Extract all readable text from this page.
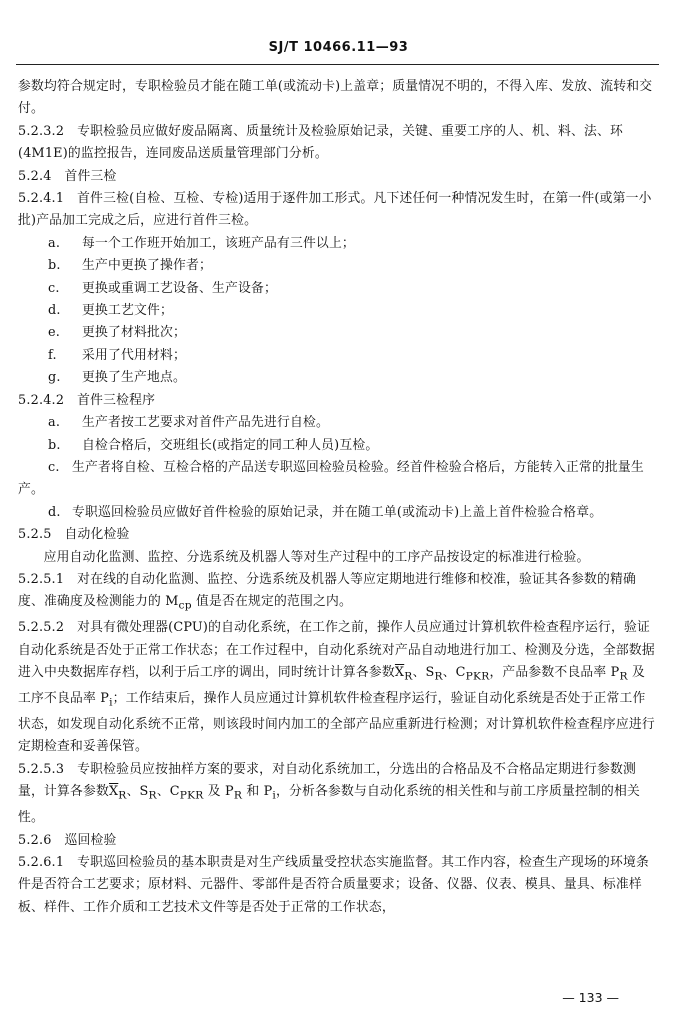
SJ/T 10466.11—93

参数均符合规定时，专职检验员才能在随工单(或流动卡)上盖章；质量情况不明的，不得入库、发放、流转和交付。

5.2.3.2　专职检验员应做好废品隔离、质量统计及检验原始记录，关键、重要工序的人、机、料、法、环(4M1E)的监控报告，连同废品送质量管理部门分析。

5.2.4　首件三检

5.2.4.1　首件三检(自检、互检、专检)适用于逐件加工形式。凡下述任何一种情况发生时，在第一件(或第一小批)产品加工完成之后，应进行首件三检。

a. 每一个工作班开始加工，该班产品有三件以上；

b. 生产中更换了操作者；

c. 更换或重调工艺设备、生产设备；

d. 更换工艺文件；

e. 更换了材料批次；

f. 采用了代用材料；

g. 更换了生产地点。

5.2.4.2　首件三检程序

a. 生产者按工艺要求对首件产品先进行自检。

b. 自检合格后，交班组长(或指定的同工种人员)互检。

c. 生产者将自检、互检合格的产品送专职巡回检验员检验。经首件检验合格后，方能转入正常的批量生产。

d. 专职巡回检验员应做好首件检验的原始记录，并在随工单(或流动卡)上盖上首件检验合格章。

5.2.5　自动化检验

应用自动化监测、监控、分选系统及机器人等对生产过程中的工序产品按设定的标准进行检验。

5.2.5.1　对在线的自动化监测、监控、分选系统及机器人等应定期地进行维修和校准，验证其各参数的精确度、准确度及检测能力的 $M_{cp}$ 值是否在规定的范围之内。

5.2.5.2　对具有微处理器(CPU)的自动化系统，在工作之前，操作人员应通过计算机软件检查程序运行，验证自动化系统是否处于正常工作状态；在工作过程中，自动化系统对产品自动地进行加工、检测及分选，全部数据进入中央数据库存档，以利于后工序的调出，同时统计计算各参数$\overline{X}_R$、$S_R$、$C_{PKR}$，产品参数不良品率 $P_R$ 及工序不良品率 $P_i$；工作结束后，操作人员应通过计算机软件检查程序运行，验证自动化系统是否处于正常工作状态，如发现自动化系统不正常，则该段时间内加工的全部产品应重新进行检测；对计算机软件检查程序应进行定期检查和妥善保管。

5.2.5.3　专职检验员应按抽样方案的要求，对自动化系统加工，分选出的合格品及不合格品定期进行参数测量，计算各参数$\overline{X}_R$、$S_R$、$C_{PKR}$ 及 $P_R$ 和 $P_i$，分析各参数与自动化系统的相关性和与前工序质量控制的相关性。

5.2.6　巡回检验

5.2.6.1　专职巡回检验员的基本职责是对生产线质量受控状态实施监督。其工作内容，检查生产现场的环境条件是否符合工艺要求；原材料、元器件、零部件是否符合质量要求；设备、仪器、仪表、模具、量具、标准样板、样件、工作介质和工艺技术文件等是否处于正常的工作状态，

— 133 —
